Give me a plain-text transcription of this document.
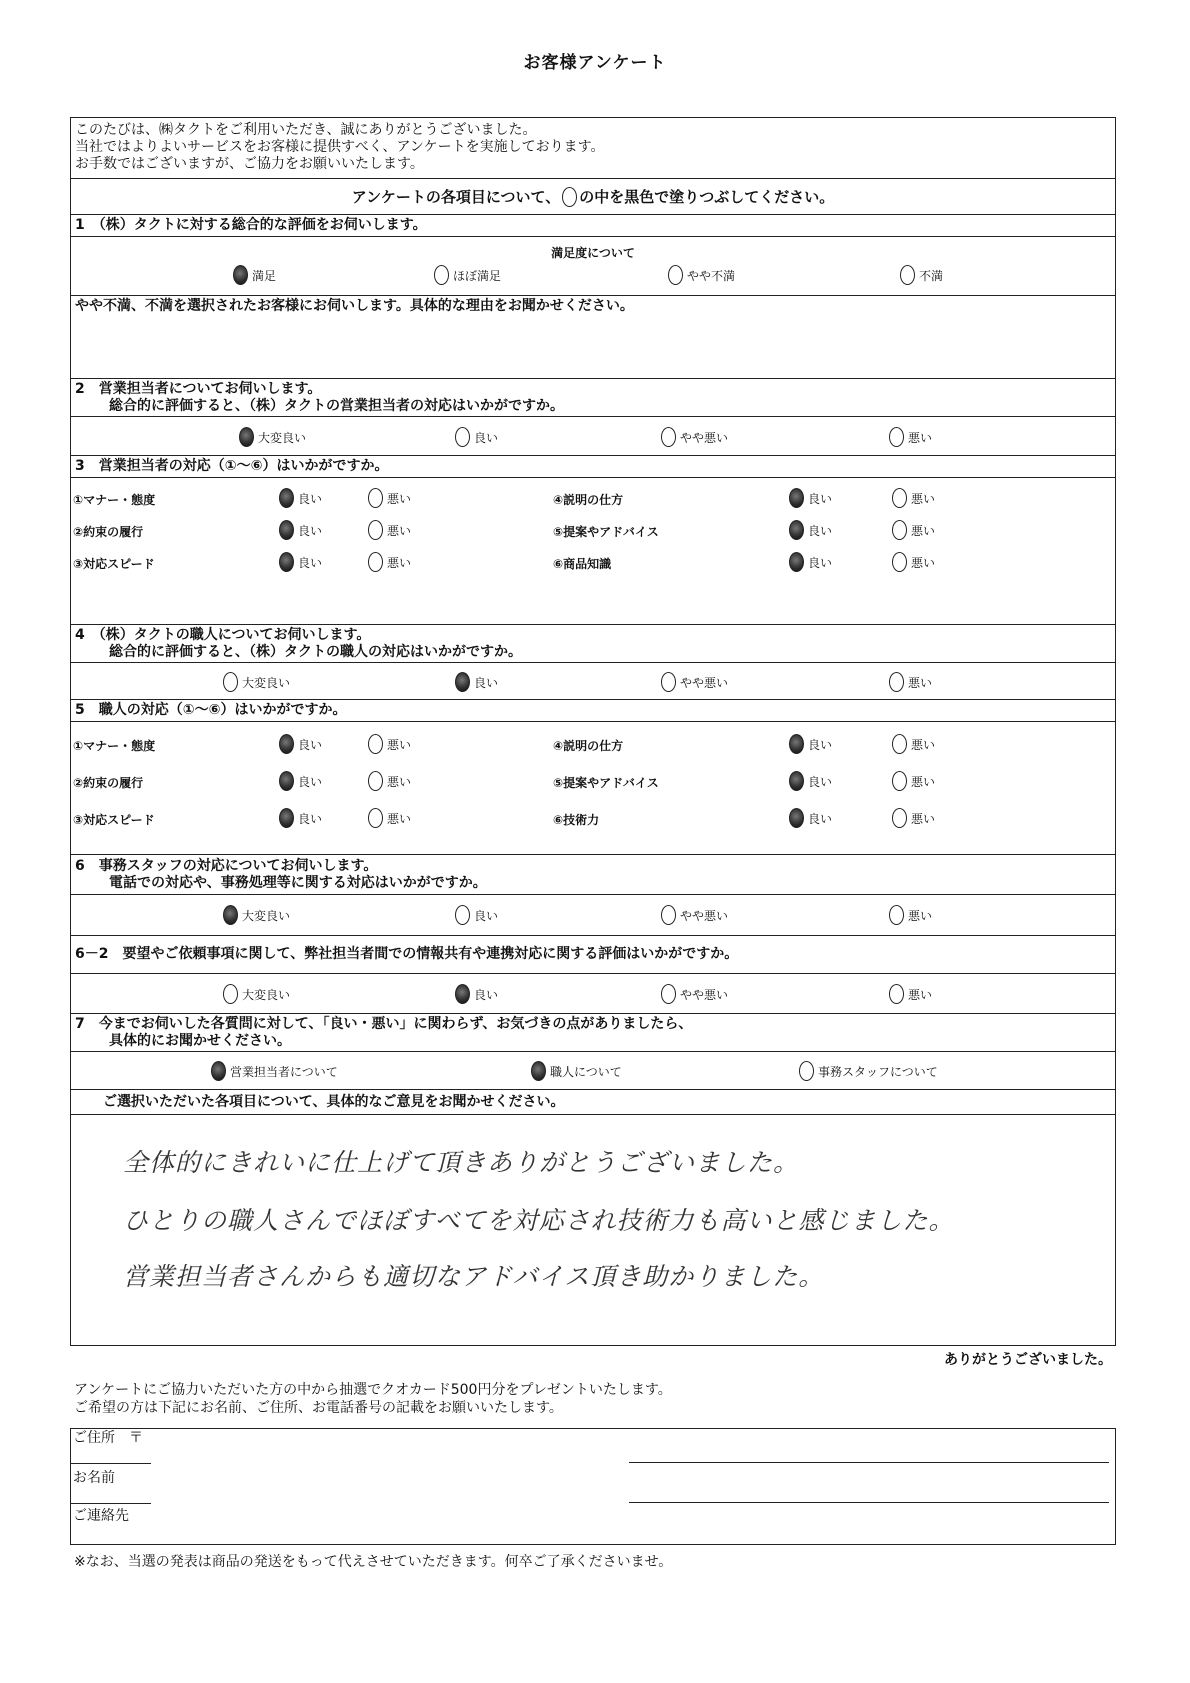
お客様アンケート
このたびは、㈱タクトをご利用いただき、誠にありがとうございました。
当社ではよりよいサービスをお客様に提供すべく、アンケートを実施しております。
お手数ではございますが、ご協力をお願いいたします。
アンケートの各項目について、 の中を黒色で塗りつぶしてください。
1　（株）タクトに対する総合的な評価をお伺いします。
満足度について
満足	ほぼ満足	やや不満	不満
やや不満、不満を選択されたお客様にお伺いします。具体的な理由をお聞かせください。
2　営業担当者についてお伺いします。
総合的に評価すると、（株）タクトの営業担当者の対応はいかがですか。
大変良い	良い	やや悪い	悪い
3　営業担当者の対応（①～⑥）はいかがですか。
①マナー・態度	良い	悪い
②約束の履行	良い	悪い
③対応スピード	良い	悪い
④説明の仕方	良い	悪い
⑤提案やアドバイス	良い	悪い
⑥商品知識	良い	悪い
4　（株）タクトの職人についてお伺いします。
総合的に評価すると、（株）タクトの職人の対応はいかがですか。
大変良い	良い	やや悪い	悪い
5　職人の対応（①～⑥）はいかがですか。
①マナー・態度	良い	悪い
②約束の履行	良い	悪い
③対応スピード	良い	悪い
④説明の仕方	良い	悪い
⑤提案やアドバイス	良い	悪い
⑥技術力	良い	悪い
6　事務スタッフの対応についてお伺いします。
電話での対応や、事務処理等に関する対応はいかがですか。
大変良い	良い	やや悪い	悪い
6－2　要望やご依頼事項に関して、弊社担当者間での情報共有や連携対応に関する評価はいかがですか。
大変良い	良い	やや悪い	悪い
7　今までお伺いした各質問に対して、「良い・悪い」に関わらず、お気づきの点がありましたら、
具体的にお聞かせください。
営業担当者について	職人について	事務スタッフについて
ご選択いただいた各項目について、具体的なご意見をお聞かせください。
全体的にきれいに仕上げて頂きありがとうございました。
ひとりの職人さんでほぼすべてを対応され技術力も高いと感じました。
営業担当者さんからも適切なアドバイス頂き助かりました。
ありがとうございました。
アンケートにご協力いただいた方の中から抽選でクオカード500円分をプレゼントいたします。
ご希望の方は下記にお名前、ご住所、お電話番号の記載をお願いいたします。
ご住所　〒
お名前
ご連絡先
※なお、当選の発表は商品の発送をもって代えさせていただきます。何卒ご了承くださいませ。
